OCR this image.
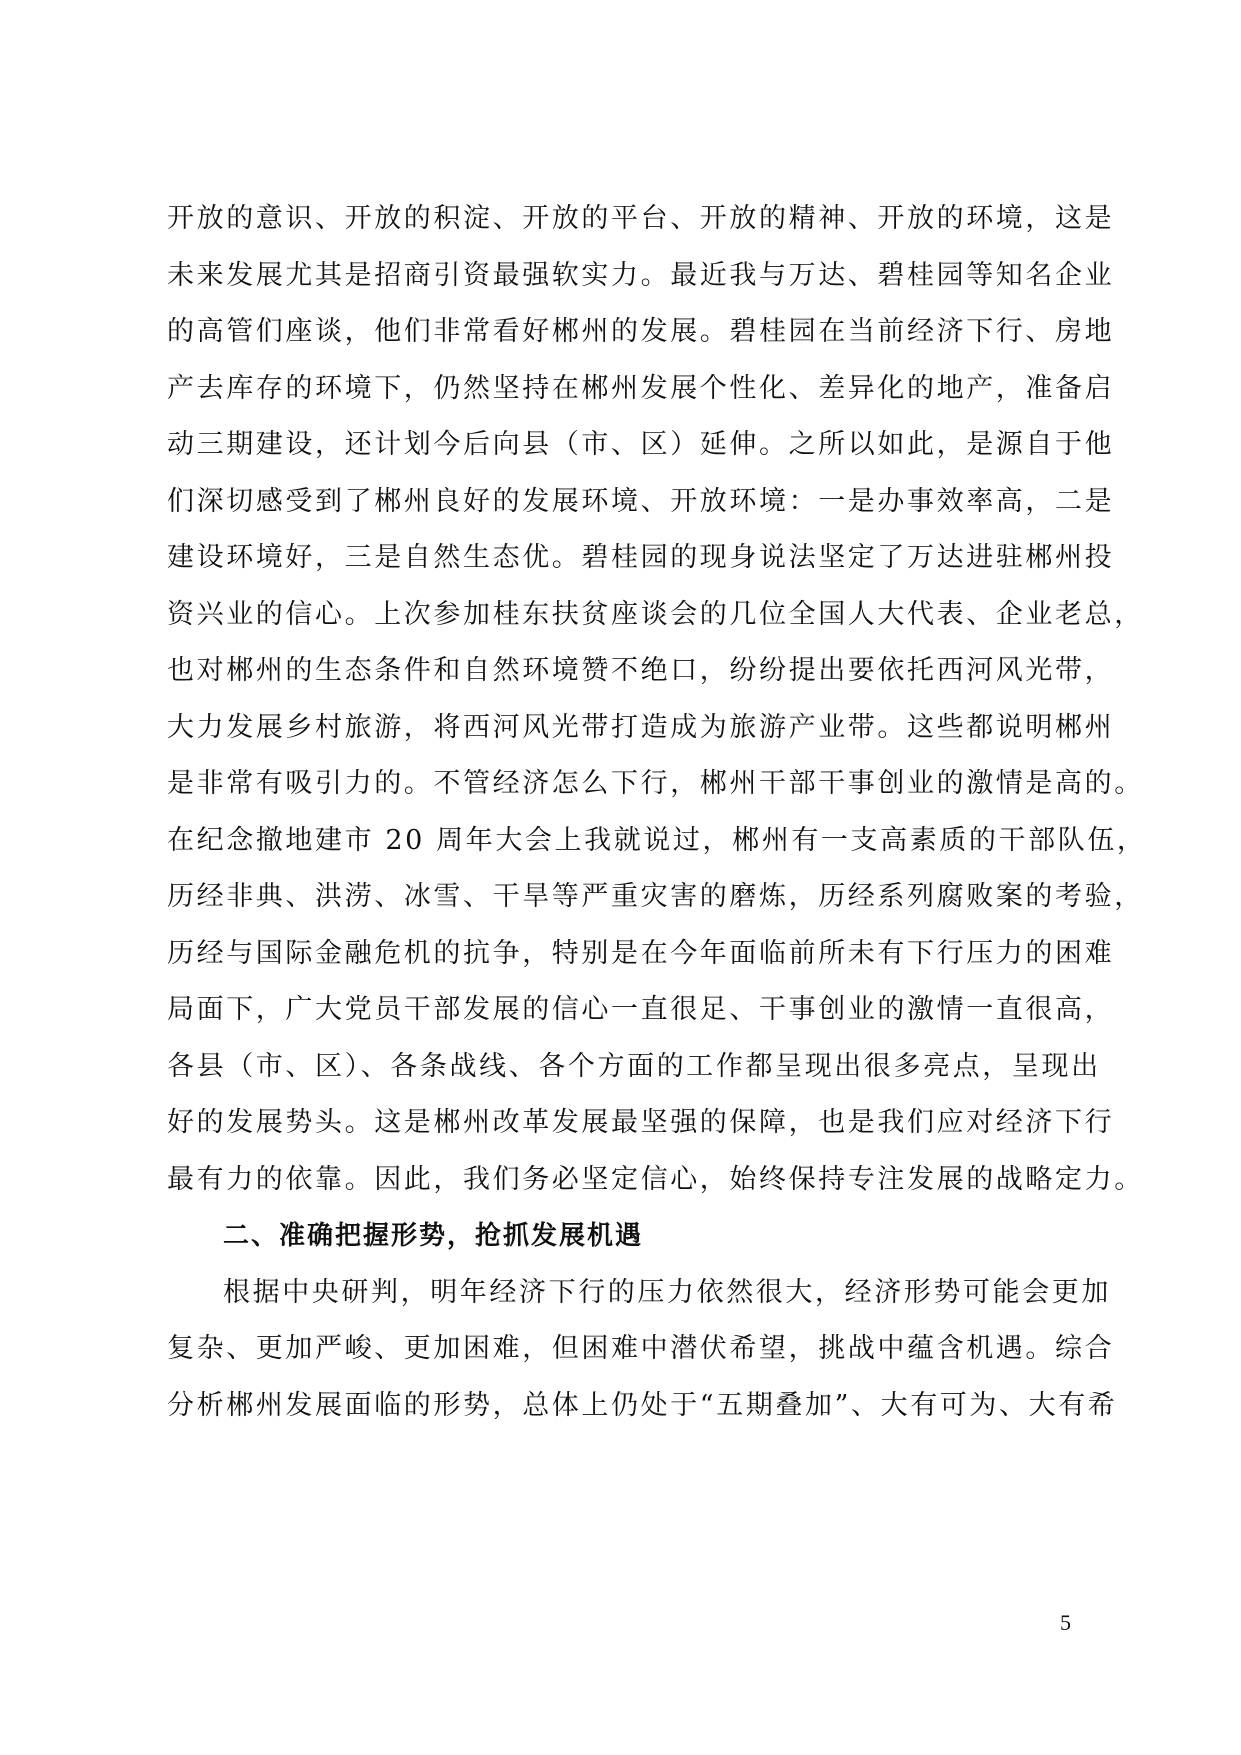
开放的意识、开放的积淀、开放的平台、开放的精神、开放的环境，这是
未来发展尤其是招商引资最强软实力。最近我与万达、碧桂园等知名企业
的高管们座谈，他们非常看好郴州的发展。碧桂园在当前经济下行、房地
产去库存的环境下，仍然坚持在郴州发展个性化、差异化的地产，准备启
动三期建设，还计划今后向县（市、区）延伸。之所以如此，是源自于他
们深切感受到了郴州良好的发展环境、开放环境：一是办事效率高，二是
建设环境好，三是自然生态优。碧桂园的现身说法坚定了万达进驻郴州投
资兴业的信心。上次参加桂东扶贫座谈会的几位全国人大代表、企业老总，
也对郴州的生态条件和自然环境赞不绝口，纷纷提出要依托西河风光带，
大力发展乡村旅游，将西河风光带打造成为旅游产业带。这些都说明郴州
是非常有吸引力的。不管经济怎么下行，郴州干部干事创业的激情是高的。
在纪念撤地建市 20 周年大会上我就说过，郴州有一支高素质的干部队伍，
历经非典、洪涝、冰雪、干旱等严重灾害的磨炼，历经系列腐败案的考验，
历经与国际金融危机的抗争，特别是在今年面临前所未有下行压力的困难
局面下，广大党员干部发展的信心一直很足、干事创业的激情一直很高，
各县（市、区）、各条战线、各个方面的工作都呈现出很多亮点，呈现出
好的发展势头。这是郴州改革发展最坚强的保障，也是我们应对经济下行
最有力的依靠。因此，我们务必坚定信心，始终保持专注发展的战略定力。
二、准确把握形势，抢抓发展机遇
根据中央研判，明年经济下行的压力依然很大，经济形势可能会更加
复杂、更加严峻、更加困难，但困难中潜伏希望，挑战中蕴含机遇。综合
分析郴州发展面临的形势，总体上仍处于“五期叠加”、大有可为、大有希
5
